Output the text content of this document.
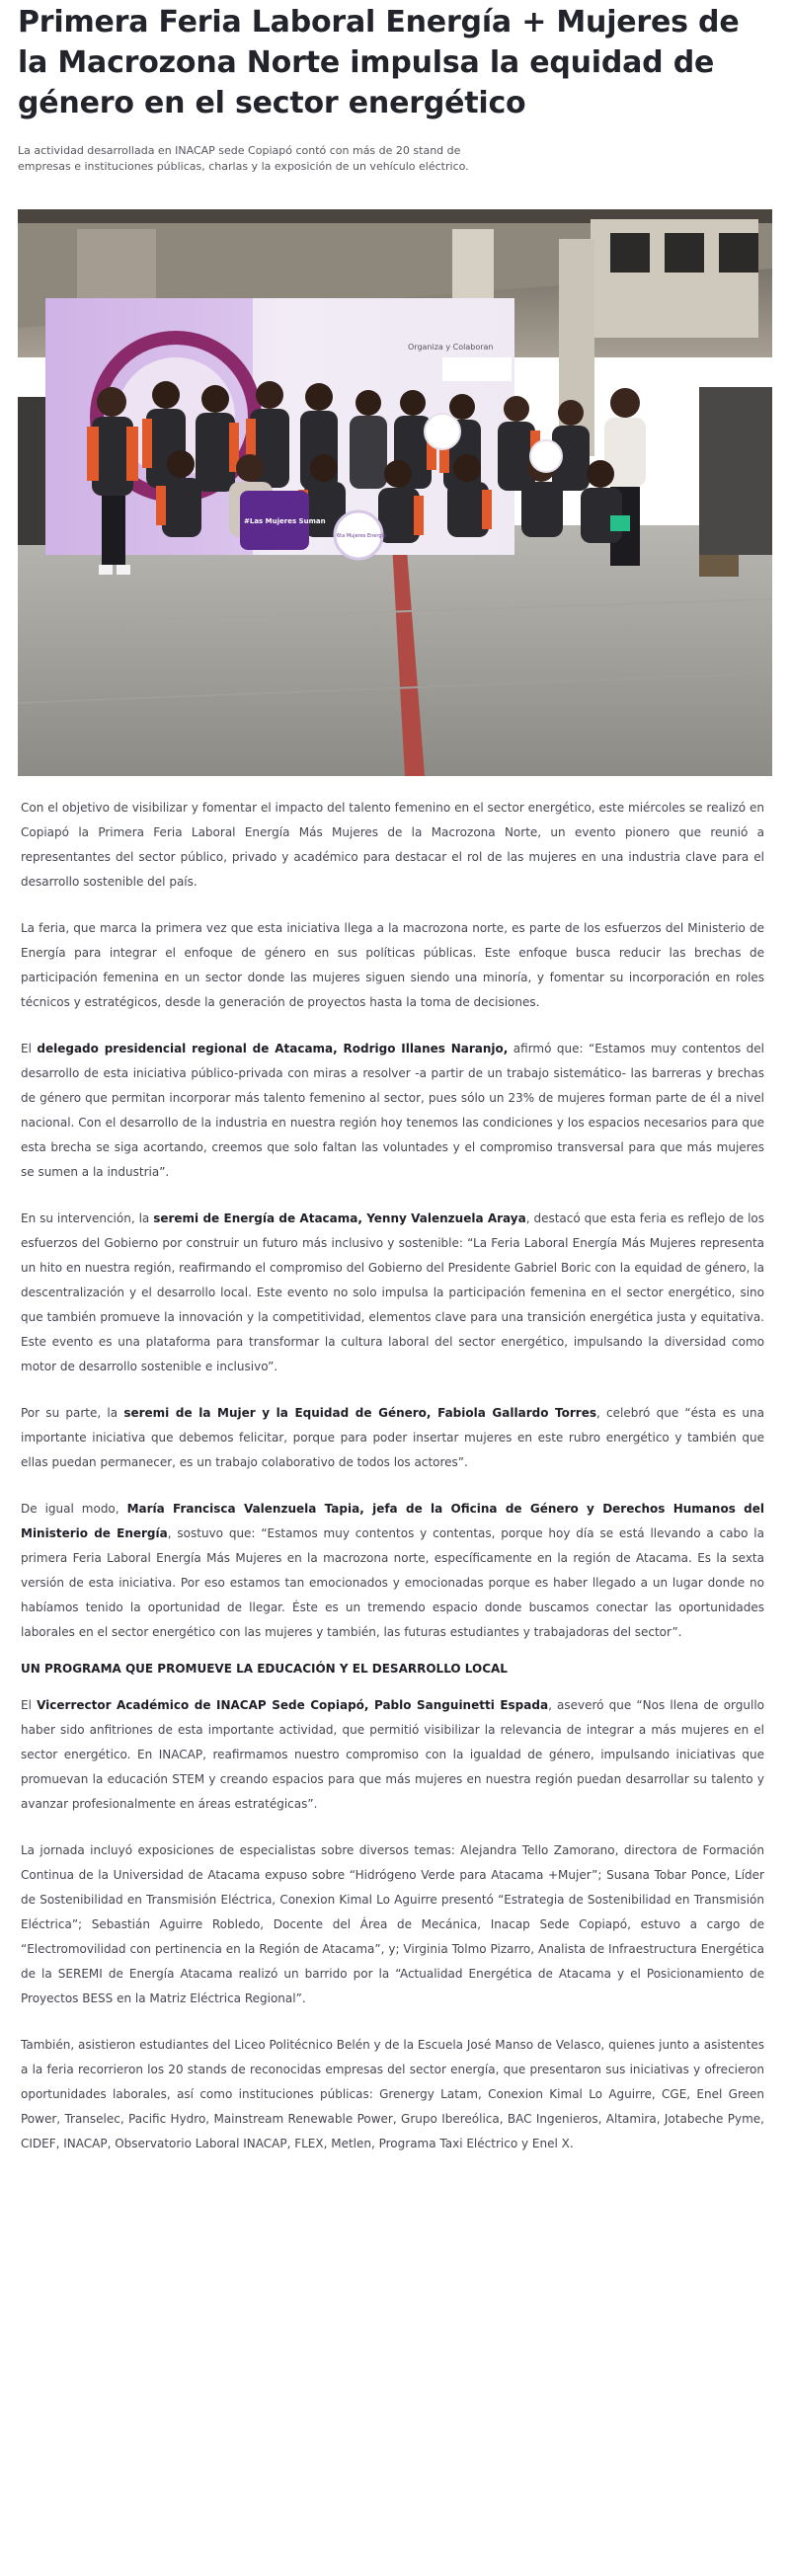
Primera Feria Laboral Energía + Mujeres de la Macrozona Norte impulsa la equidad de género en el sector energético

La actividad desarrollada en INACAP sede Copiapó contó con más de 20 stand de empresas e instituciones públicas, charlas y la exposición de un vehículo eléctrico.

Organiza y Colaboran
#Las Mujeres Suman
6ta Mujeres Energía

Con el objetivo de visibilizar y fomentar el impacto del talento femenino en el sector energético, este miércoles se realizó en Copiapó la Primera Feria Laboral Energía Más Mujeres de la Macrozona Norte, un evento pionero que reunió a representantes del sector público, privado y académico para destacar el rol de las mujeres en una industria clave para el desarrollo sostenible del país.

La feria, que marca la primera vez que esta iniciativa llega a la macrozona norte, es parte de los esfuerzos del Ministerio de Energía para integrar el enfoque de género en sus políticas públicas. Este enfoque busca reducir las brechas de participación femenina en un sector donde las mujeres siguen siendo una minoría, y fomentar su incorporación en roles técnicos y estratégicos, desde la generación de proyectos hasta la toma de decisiones.

El delegado presidencial regional de Atacama, Rodrigo Illanes Naranjo, afirmó que: “Estamos muy contentos del desarrollo de esta iniciativa público-privada con miras a resolver -a partir de un trabajo sistemático- las barreras y brechas de género que permitan incorporar más talento femenino al sector, pues sólo un 23% de mujeres forman parte de él a nivel nacional. Con el desarrollo de la industria en nuestra región hoy tenemos las condiciones y los espacios necesarios para que esta brecha se siga acortando, creemos que solo faltan las voluntades y el compromiso transversal para que más mujeres se sumen a la industria”.

En su intervención, la seremi de Energía de Atacama, Yenny Valenzuela Araya, destacó que esta feria es reflejo de los esfuerzos del Gobierno por construir un futuro más inclusivo y sostenible: “La Feria Laboral Energía Más Mujeres representa un hito en nuestra región, reafirmando el compromiso del Gobierno del Presidente Gabriel Boric con la equidad de género, la descentralización y el desarrollo local. Este evento no solo impulsa la participación femenina en el sector energético, sino que también promueve la innovación y la competitividad, elementos clave para una transición energética justa y equitativa. Este evento es una plataforma para transformar la cultura laboral del sector energético, impulsando la diversidad como motor de desarrollo sostenible e inclusivo”.

Por su parte, la seremi de la Mujer y la Equidad de Género, Fabiola Gallardo Torres, celebró que “ésta es una importante iniciativa que debemos felicitar, porque para poder insertar mujeres en este rubro energético y también que ellas puedan permanecer, es un trabajo colaborativo de todos los actores”.

De igual modo, María Francisca Valenzuela Tapia, jefa de la Oficina de Género y Derechos Humanos del Ministerio de Energía, sostuvo que: “Estamos muy contentos y contentas, porque hoy día se está llevando a cabo la primera Feria Laboral Energía Más Mujeres en la macrozona norte, específicamente en la región de Atacama. Es la sexta versión de esta iniciativa. Por eso estamos tan emocionados y emocionadas porque es haber llegado a un lugar donde no habíamos tenido la oportunidad de llegar. Éste es un tremendo espacio donde buscamos conectar las oportunidades laborales en el sector energético con las mujeres y también, las futuras estudiantes y trabajadoras del sector”.

UN PROGRAMA QUE PROMUEVE LA EDUCACIÓN Y EL DESARROLLO LOCAL

El Vicerrector Académico de INACAP Sede Copiapó, Pablo Sanguinetti Espada, aseveró que “Nos llena de orgullo haber sido anfitriones de esta importante actividad, que permitió visibilizar la relevancia de integrar a más mujeres en el sector energético. En INACAP, reafirmamos nuestro compromiso con la igualdad de género, impulsando iniciativas que promuevan la educación STEM y creando espacios para que más mujeres en nuestra región puedan desarrollar su talento y avanzar profesionalmente en áreas estratégicas”.

La jornada incluyó exposiciones de especialistas sobre diversos temas: Alejandra Tello Zamorano, directora de Formación Continua de la Universidad de Atacama expuso sobre “Hidrógeno Verde para Atacama +Mujer”; Susana Tobar Ponce, Líder de Sostenibilidad en Transmisión Eléctrica, Conexion Kimal Lo Aguirre presentó “Estrategia de Sostenibilidad en Transmisión Eléctrica”; Sebastián Aguirre Robledo, Docente del Área de Mecánica, Inacap Sede Copiapó, estuvo a cargo de “Electromovilidad con pertinencia en la Región de Atacama”, y; Virginia Tolmo Pizarro, Analista de Infraestructura Energética de la SEREMI de Energía Atacama realizó un barrido por la “Actualidad Energética de Atacama y el Posicionamiento de Proyectos BESS en la Matriz Eléctrica Regional”.

También, asistieron estudiantes del Liceo Politécnico Belén y de la Escuela José Manso de Velasco, quienes junto a asistentes a la feria recorrieron los 20 stands de reconocidas empresas del sector energía, que presentaron sus iniciativas y ofrecieron oportunidades laborales, así como instituciones públicas: Grenergy Latam, Conexion Kimal Lo Aguirre, CGE, Enel Green Power, Transelec, Pacific Hydro, Mainstream Renewable Power, Grupo Ibereólica, BAC Ingenieros, Altamira, Jotabeche Pyme, CIDEF, INACAP, Observatorio Laboral INACAP, FLEX, Metlen, Programa Taxi Eléctrico y Enel X.
